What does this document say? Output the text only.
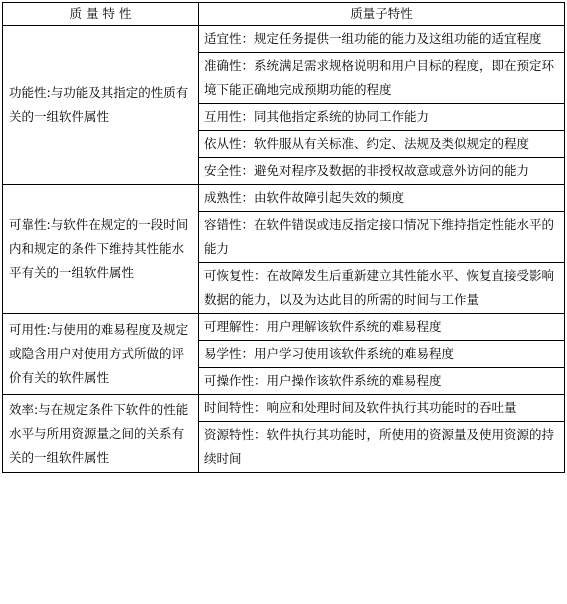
质 量 特 性	质量子特性
功能性:与功能及其指定的性质有关的一组软件属性	适宜性：规定任务提供一组功能的能力及这组功能的适宜程度
	准确性：系统满足需求规格说明和用户目标的程度，即在预定环境下能正确地完成预期功能的程度
	互用性：同其他指定系统的协同工作能力
	依从性：软件服从有关标准、约定、法规及类似规定的程度
	安全性：避免对程序及数据的非授权故意或意外访问的能力
可靠性:与软件在规定的一段时间内和规定的条件下维持其性能水平有关的一组软件属性	成熟性：由软件故障引起失效的频度
	容错性：在软件错误或违反指定接口情况下维持指定性能水平的能力
	可恢复性：在故障发生后重新建立其性能水平、恢复直接受影响数据的能力，以及为达此目的所需的时间与工作量
可用性:与使用的难易程度及规定或隐含用户对使用方式所做的评价有关的软件属性	可理解性：用户理解该软件系统的难易程度
	易学性：用户学习使用该软件系统的难易程度
	可操作性：用户操作该软件系统的难易程度
效率:与在规定条件下软件的性能水平与所用资源量之间的关系有关的一组软件属性	时间特性：响应和处理时间及软件执行其功能时的吞吐量
	资源特性：软件执行其功能时，所使用的资源量及使用资源的持续时间
